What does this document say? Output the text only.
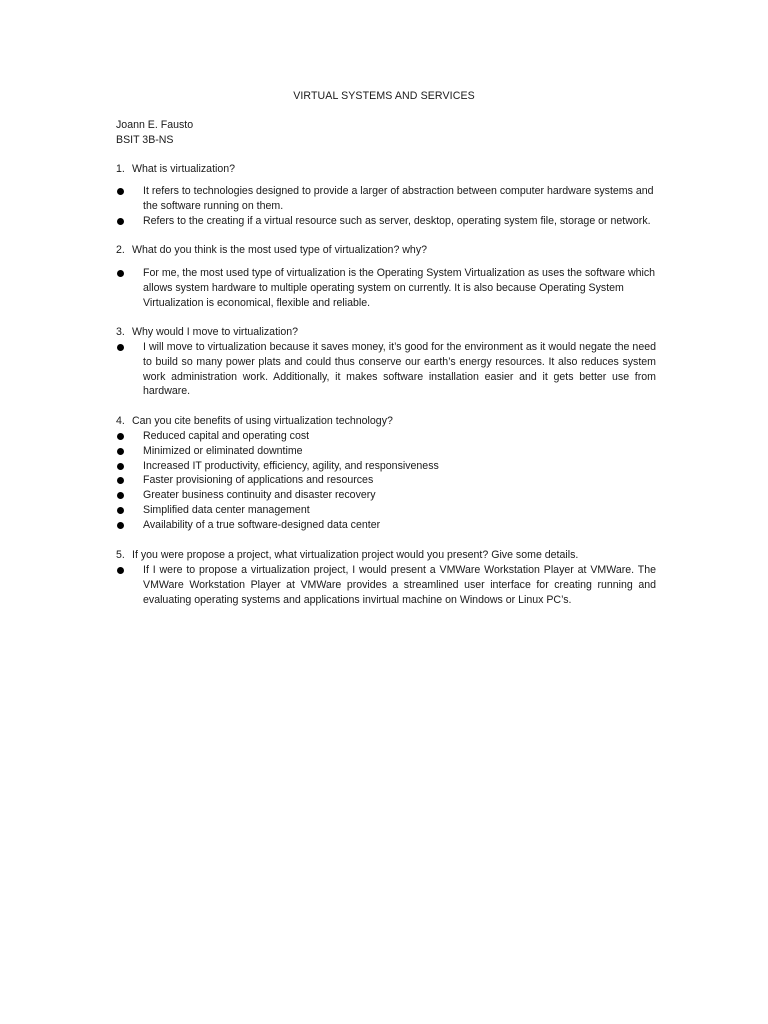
VIRTUAL SYSTEMS AND SERVICES
Joann E. Fausto
BSIT 3B-NS
1. What is virtualization?
It refers to technologies designed to provide a larger of abstraction between computer hardware systems and the software running on them.
Refers to the creating if a virtual resource such as server, desktop, operating system file, storage or network.
2. What do you think is the most used type of virtualization? why?
For me, the most used type of virtualization is the Operating System Virtualization as uses the software which allows system hardware to multiple operating system on currently. It is also because Operating System Virtualization is economical, flexible and reliable.
3. Why would I move to virtualization?
I will move to virtualization because it saves money, it’s good for the environment as it would negate the need to build so many power plats and could thus conserve our earth’s energy resources. It also reduces system work administration work. Additionally, it makes software installation easier and it gets better use from hardware.
4. Can you cite benefits of using virtualization technology?
Reduced capital and operating cost
Minimized or eliminated downtime
Increased IT productivity, efficiency, agility, and responsiveness
Faster provisioning of applications and resources
Greater business continuity and disaster recovery
Simplified data center management
Availability of a true software-designed data center
5. If you were propose a project, what virtualization project would you present? Give some details.
If I were to propose a virtualization project, I would present a VMWare Workstation Player at VMWare. The VMWare Workstation Player at VMWare provides a streamlined user interface for creating running and evaluating operating systems and applications invirtual machine on Windows or Linux PC’s.
